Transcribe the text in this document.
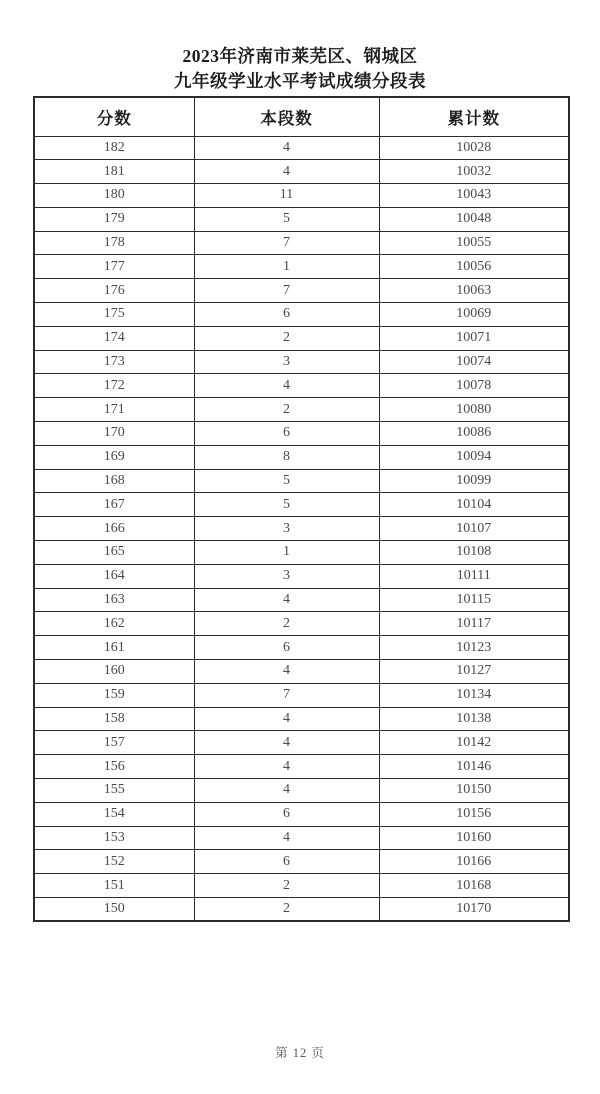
2023年济南市莱芜区、钢城区
九年级学业水平考试成绩分段表
分数	本段数	累计数
182	4	10028
181	4	10032
180	11	10043
179	5	10048
178	7	10055
177	1	10056
176	7	10063
175	6	10069
174	2	10071
173	3	10074
172	4	10078
171	2	10080
170	6	10086
169	8	10094
168	5	10099
167	5	10104
166	3	10107
165	1	10108
164	3	10111
163	4	10115
162	2	10117
161	6	10123
160	4	10127
159	7	10134
158	4	10138
157	4	10142
156	4	10146
155	4	10150
154	6	10156
153	4	10160
152	6	10166
151	2	10168
150	2	10170
第 12 页
